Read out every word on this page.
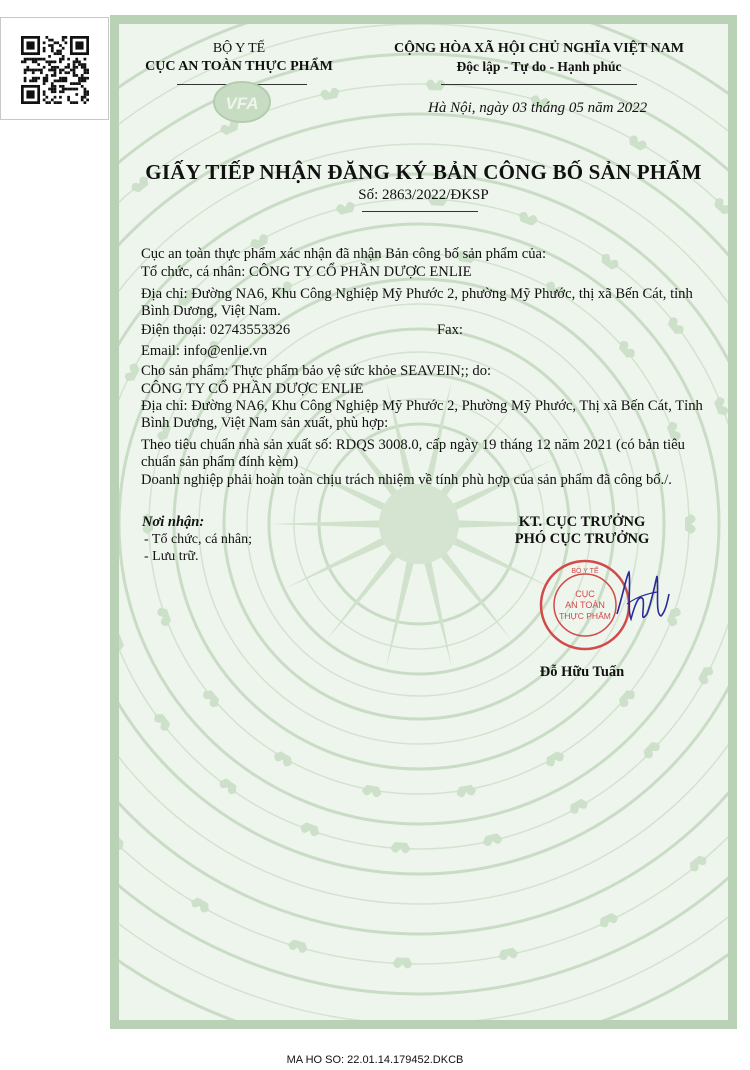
BỘ Y TẾ
CỤC AN TOÀN THỰC PHẨM
VFA
CỘNG HÒA XÃ HỘI CHỦ NGHĨA VIỆT NAM
Độc lập - Tự do - Hạnh phúc
Hà Nội, ngày 03 tháng 05 năm 2022
GIẤY TIẾP NHẬN ĐĂNG KÝ BẢN CÔNG BỐ SẢN PHẨM
Số: 2863/2022/ĐKSP
Cục an toàn thực phẩm xác nhận đã nhận Bản công bố sản phẩm của:
Tổ chức, cá nhân: CÔNG TY CỔ PHẦN DƯỢC ENLIE
Địa chỉ: Đường NA6, Khu Công Nghiệp Mỹ Phước 2, phường Mỹ Phước, thị xã Bến Cát, tỉnh Bình Dương, Việt Nam.
Điện thoại: 02743553326	Fax:
Email: info@enlie.vn
Cho sản phẩm: Thực phẩm bảo vệ sức khỏe SEAVEIN;; do:
CÔNG TY CỔ PHẦN DƯỢC ENLIE
Địa chỉ: Đường NA6, Khu Công Nghiệp Mỹ Phước 2, Phường Mỹ Phước, Thị xã Bến Cát, Tỉnh Bình Dương, Việt Nam sản xuất, phù hợp:
Theo tiêu chuẩn nhà sản xuất số: RDQS 3008.0, cấp ngày 19 tháng 12 năm 2021 (có bản tiêu chuẩn sản phẩm đính kèm)
Doanh nghiệp phải hoàn toàn chịu trách nhiệm về tính phù hợp của sản phẩm đã công bố./.
Nơi nhận:
- Tổ chức, cá nhân;
- Lưu trữ.
KT. CỤC TRƯỞNG
PHÓ CỤC TRƯỞNG
BỘ Y TẾ
CỤC
AN TOÀN
THỰC PHẨM
Đỗ Hữu Tuấn
MA HO SO: 22.01.14.179452.DKCB
